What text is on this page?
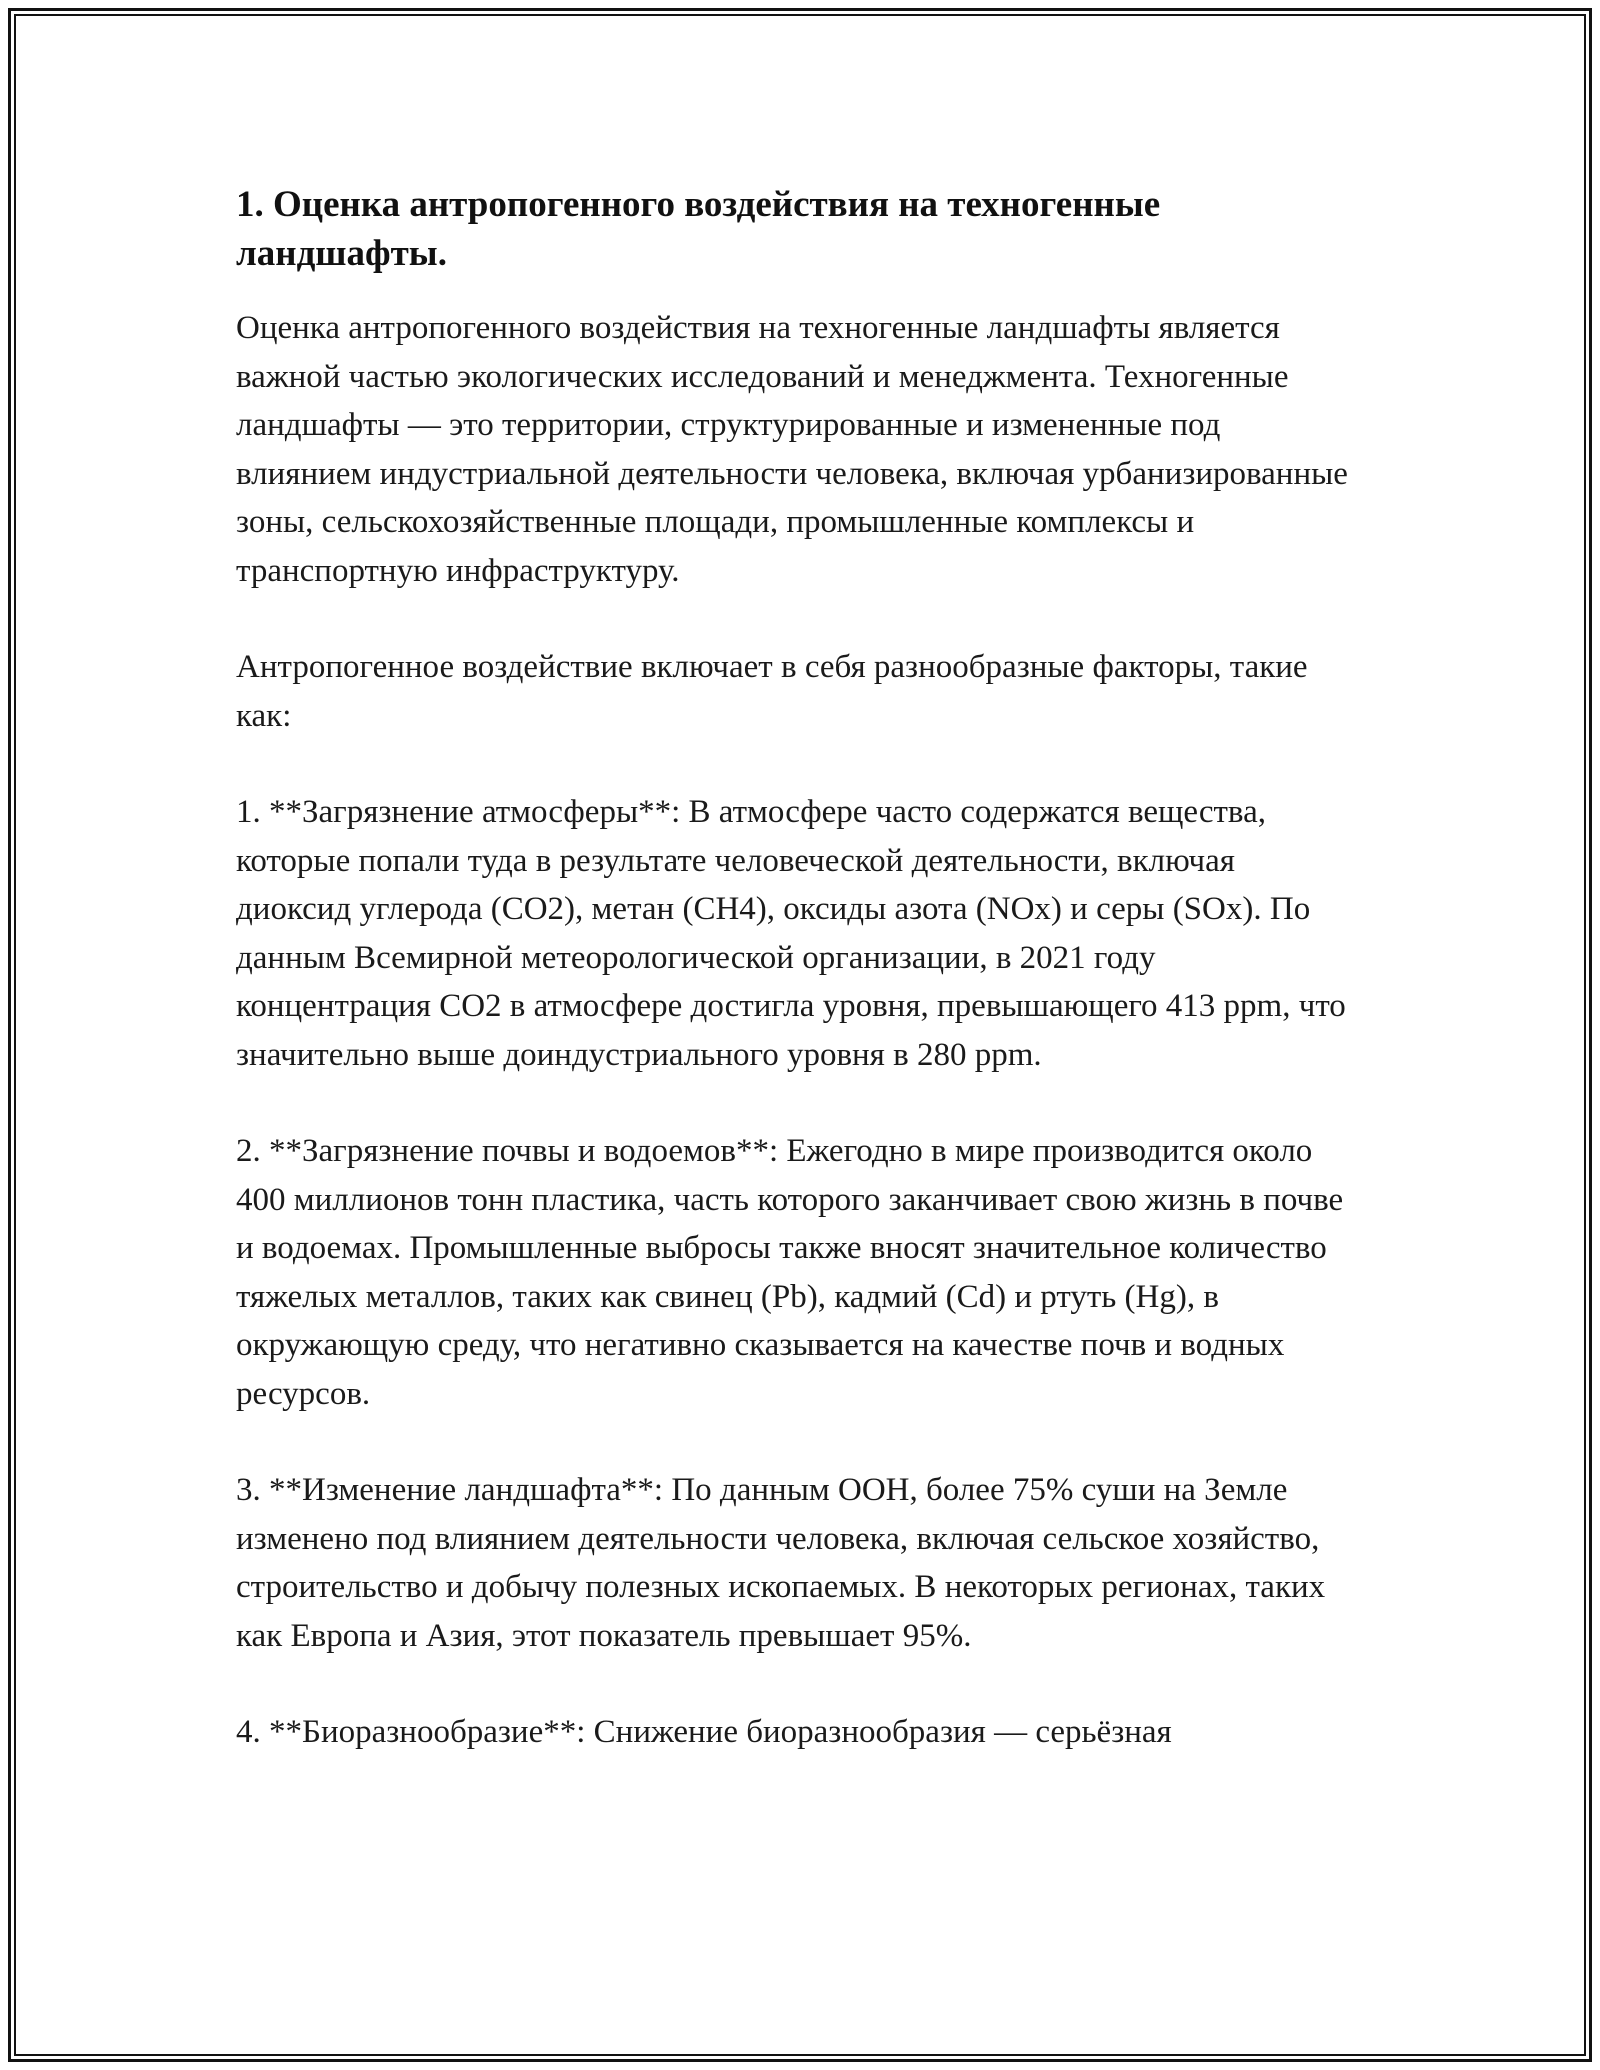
1. Оценка антропогенного воздействия на техногенные ландшафты.

Оценка антропогенного воздействия на техногенные ландшафты является важной частью экологических исследований и менеджмента. Техногенные ландшафты — это территории, структурированные и измененные под влиянием индустриальной деятельности человека, включая урбанизированные зоны, сельскохозяйственные площади, промышленные комплексы и транспортную инфраструктуру.

Антропогенное воздействие включает в себя разнообразные факторы, такие как:

1. **Загрязнение атмосферы**: В атмосфере часто содержатся вещества, которые попали туда в результате человеческой деятельности, включая диоксид углерода (CO2), метан (CH4), оксиды азота (NOx) и серы (SOx). По данным Всемирной метеорологической организации, в 2021 году концентрация CO2 в атмосфере достигла уровня, превышающего 413 ppm, что значительно выше доиндустриального уровня в 280 ppm.

2. **Загрязнение почвы и водоемов**: Ежегодно в мире производится около 400 миллионов тонн пластика, часть которого заканчивает свою жизнь в почве и водоемах. Промышленные выбросы также вносят значительное количество тяжелых металлов, таких как свинец (Pb), кадмий (Cd) и ртуть (Hg), в окружающую среду, что негативно сказывается на качестве почв и водных ресурсов.

3. **Изменение ландшафта**: По данным ООН, более 75% суши на Земле изменено под влиянием деятельности человека, включая сельское хозяйство, строительство и добычу полезных ископаемых. В некоторых регионах, таких как Европа и Азия, этот показатель превышает 95%.

4. **Биоразнообразие**: Снижение биоразнообразия — серьёзная
